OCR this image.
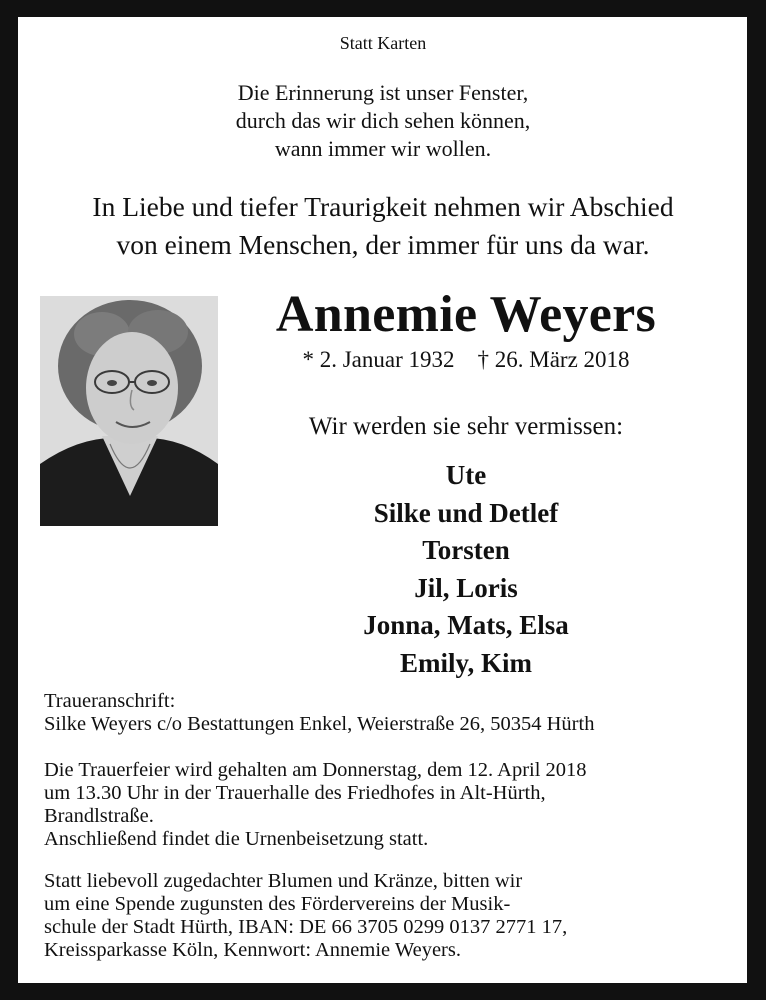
Statt Karten
Die Erinnerung ist unser Fenster,
durch das wir dich sehen können,
wann immer wir wollen.
In Liebe und tiefer Traurigkeit nehmen wir Abschied
von einem Menschen, der immer für uns da war.
Annemie Weyers
* 2. Januar 1932    † 26. März 2018
Wir werden sie sehr vermissen:
Ute
Silke und Detlef
Torsten
Jil, Loris
Jonna, Mats, Elsa
Emily, Kim
Traueranschrift:
Silke Weyers c/o Bestattungen Enkel, Weierstraße 26, 50354 Hürth
Die Trauerfeier wird gehalten am Donnerstag, dem 12. April 2018
um 13.30 Uhr in der Trauerhalle des Friedhofes in Alt-Hürth,
Brandlstraße.
Anschließend findet die Urnenbeisetzung statt.
Statt liebevoll zugedachter Blumen und Kränze, bitten wir
um eine Spende zugunsten des Fördervereins der Musik-
schule der Stadt Hürth, IBAN: DE 66 3705 0299 0137 2771 17,
Kreissparkasse Köln, Kennwort: Annemie Weyers.
